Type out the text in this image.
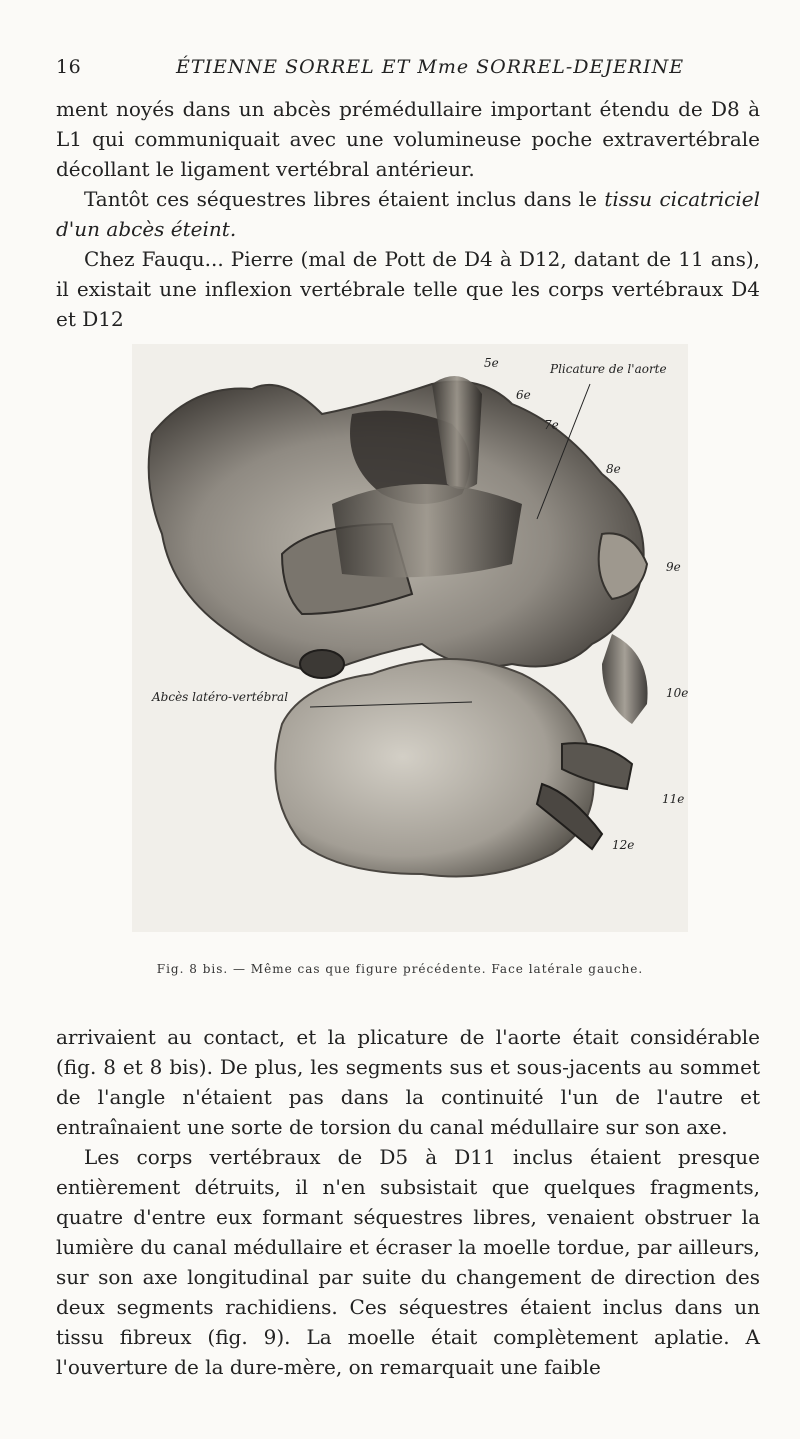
16	ÉTIENNE SORREL ET Mme SORREL-DEJERINE

ment noyés dans un abcès prémédullaire important étendu de D8 à L1 qui communiquait avec une volumineuse poche extravertébrale décollant le ligament vertébral antérieur.

Tantôt ces séquestres libres étaient inclus dans le tissu cicatriciel d'un abcès éteint.

Chez Fauqu... Pierre (mal de Pott de D4 à D12, datant de 11 ans), il existait une inflexion vertébrale telle que les corps vertébraux D4 et D12

Plicature de l'aorte
5e
6e
7e
8e
9e
10e
11e
12e
Abcès latéro-vertébral
Fig. 8 bis. — Même cas que figure précédente. Face latérale gauche.

arrivaient au contact, et la plicature de l'aorte était considérable (fig. 8 et 8 bis). De plus, les segments sus et sous-jacents au sommet de l'angle n'étaient pas dans la continuité l'un de l'autre et entraînaient une sorte de torsion du canal médullaire sur son axe.

Les corps vertébraux de D5 à D11 inclus étaient presque entièrement détruits, il n'en subsistait que quelques fragments, quatre d'entre eux formant séquestres libres, venaient obstruer la lumière du canal médullaire et écraser la moelle tordue, par ailleurs, sur son axe longitudinal par suite du changement de direction des deux segments rachidiens. Ces séquestres étaient inclus dans un tissu fibreux (fig. 9). La moelle était complètement aplatie. A l'ouverture de la dure-mère, on remarquait une faible
